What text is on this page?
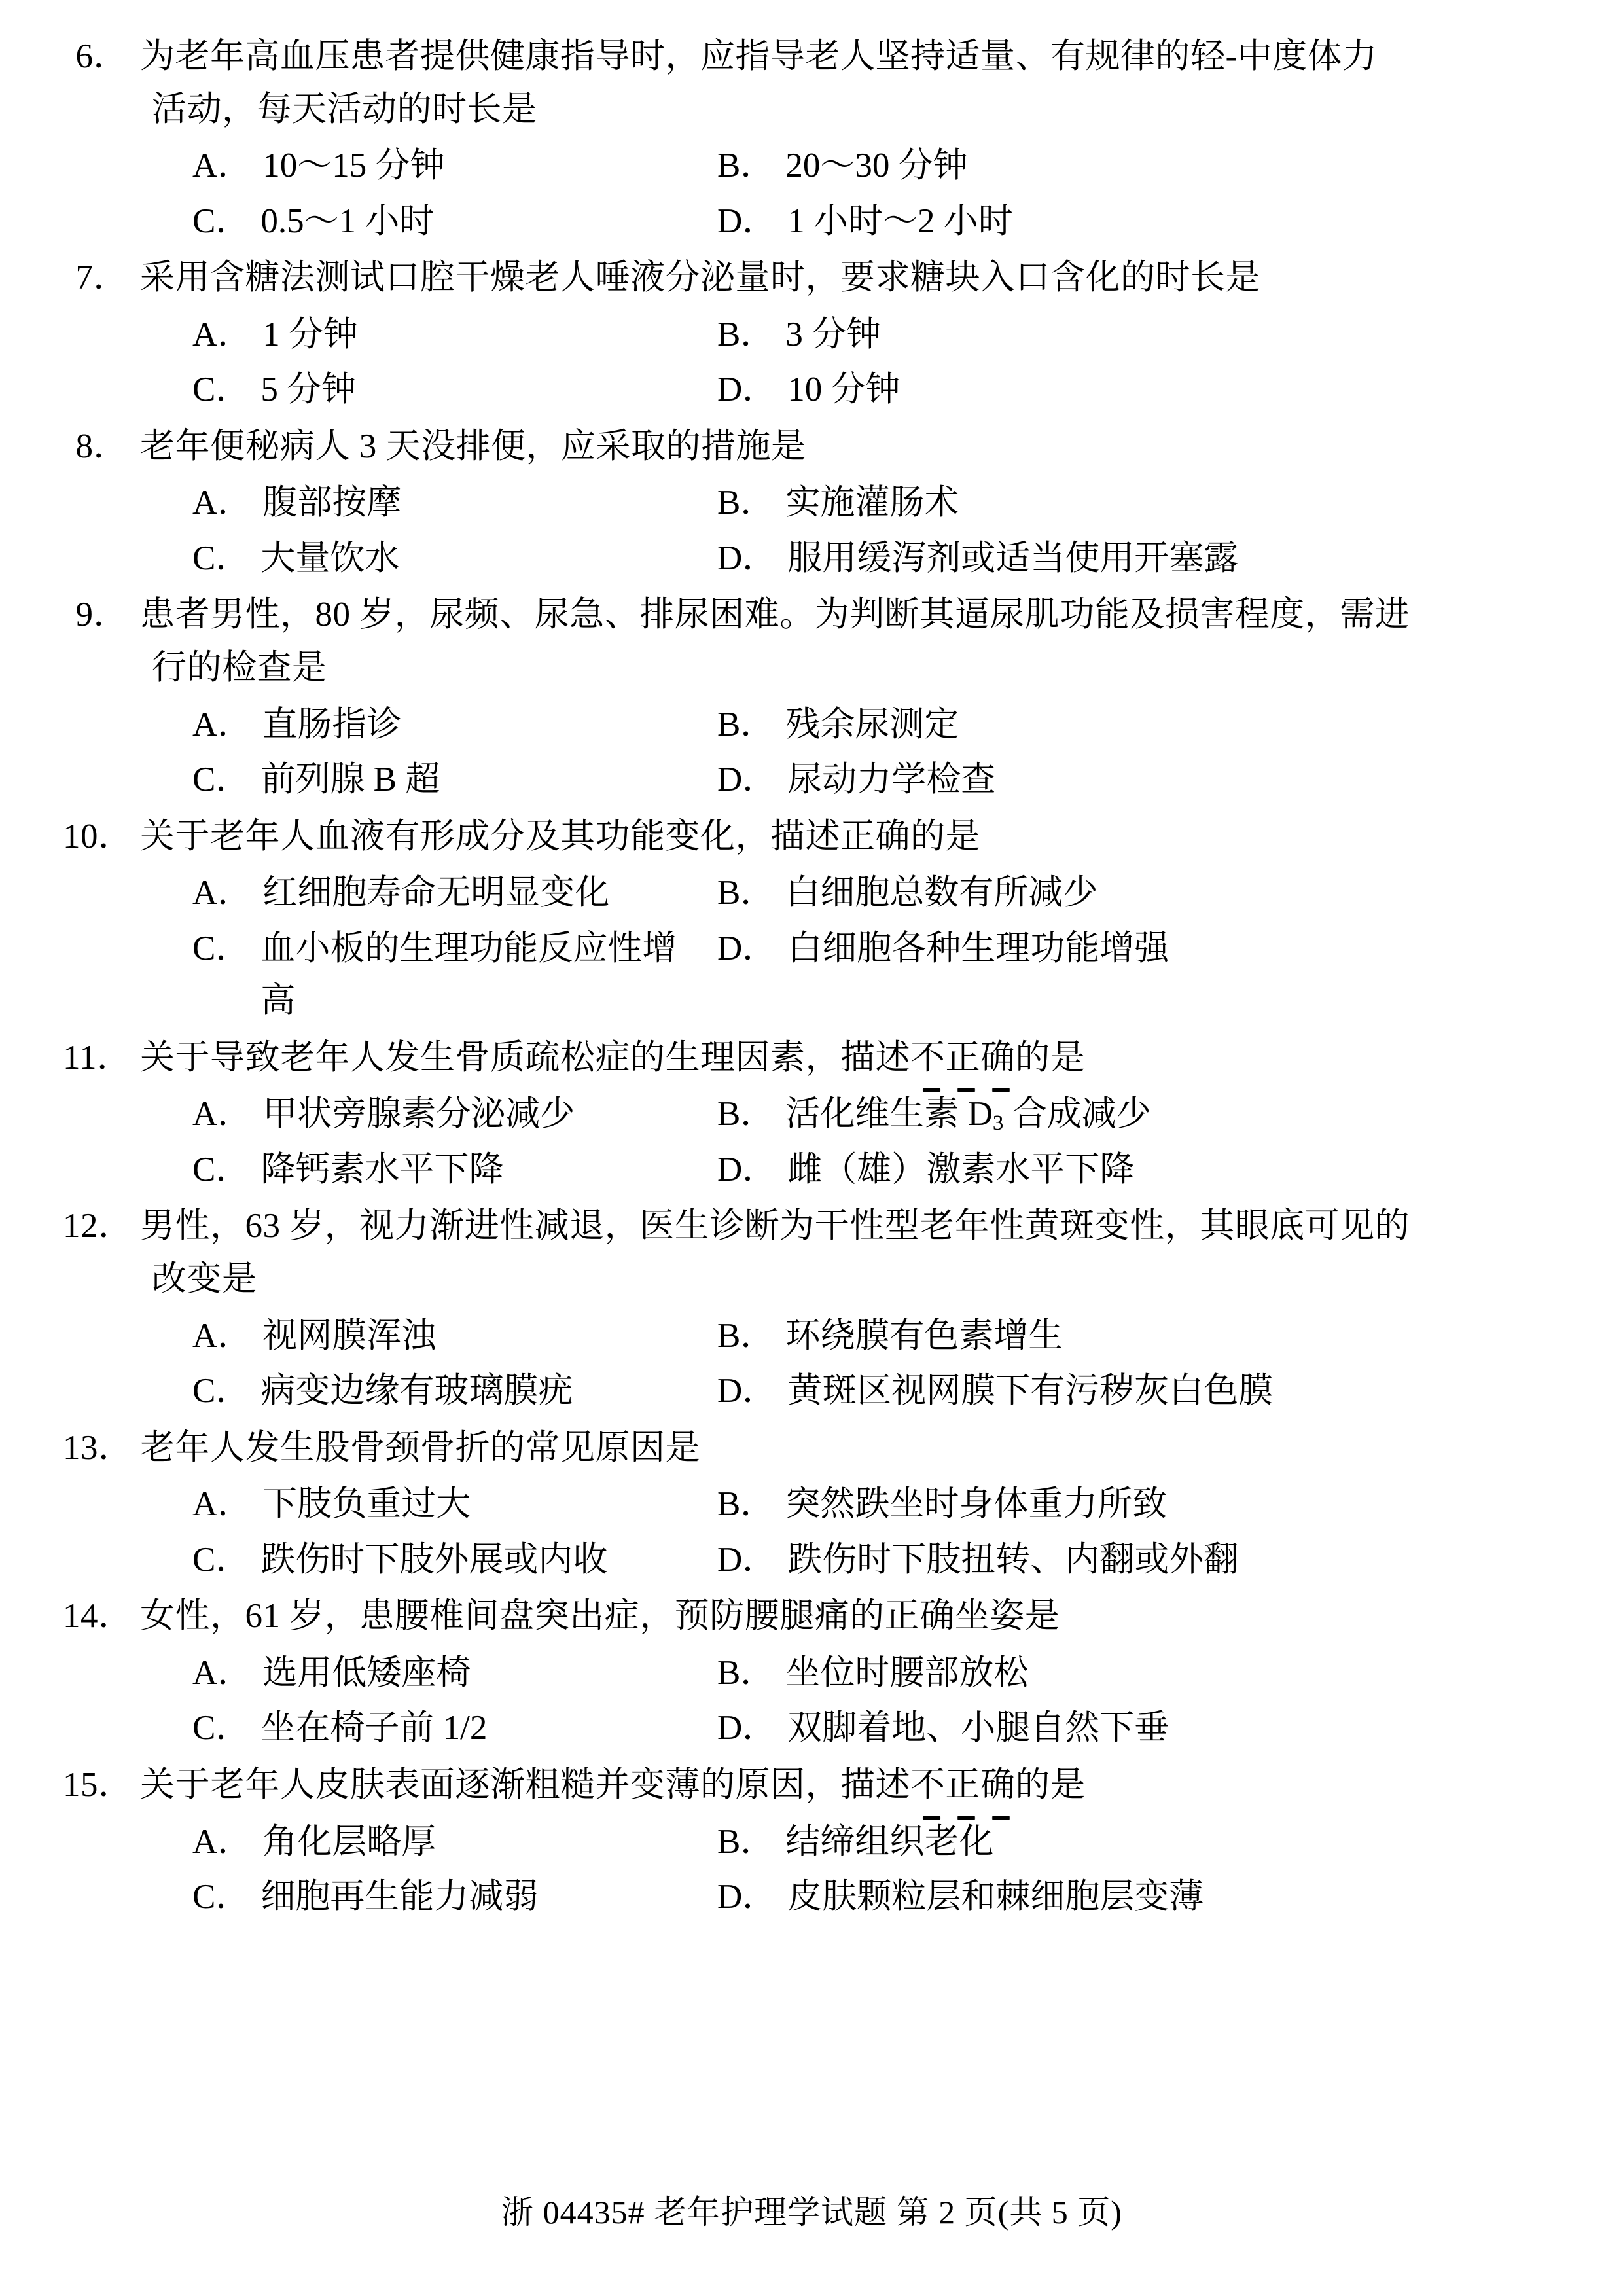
6． 为老年高血压患者提供健康指导时，应指导老人坚持适量、有规律的轻-中度体力
活动，每天活动的时长是
A． 10～15 分钟	B． 20～30 分钟
C． 0.5～1 小时	D． 1 小时～2 小时
7． 采用含糖法测试口腔干燥老人唾液分泌量时，要求糖块入口含化的时长是
A． 1 分钟	B． 3 分钟
C． 5 分钟	D． 10 分钟
8． 老年便秘病人 3 天没排便，应采取的措施是
A． 腹部按摩	B． 实施灌肠术
C． 大量饮水	D． 服用缓泻剂或适当使用开塞露
9． 患者男性，80 岁，尿频、尿急、排尿困难。为判断其逼尿肌功能及损害程度，需进
行的检查是
A． 直肠指诊	B． 残余尿测定
C． 前列腺 B 超	D． 尿动力学检查
10． 关于老年人血液有形成分及其功能变化，描述正确的是
A． 红细胞寿命无明显变化	B． 白细胞总数有所减少
C． 血小板的生理功能反应性增高
D． 白细胞各种生理功能增强
11． 关于导致老年人发生骨质疏松症的生理因素，描述不正确的是
A． 甲状旁腺素分泌减少	B． 活化维生素 $D_3$ 合成减少
C． 降钙素水平下降	D． 雌（雄）激素水平下降
12． 男性，63 岁，视力渐进性减退，医生诊断为干性型老年性黄斑变性，其眼底可见的
改变是
A． 视网膜浑浊	B． 环绕膜有色素增生
C． 病变边缘有玻璃膜疣	D． 黄斑区视网膜下有污秽灰白色膜
13． 老年人发生股骨颈骨折的常见原因是
A． 下肢负重过大	B． 突然跌坐时身体重力所致
C． 跌伤时下肢外展或内收	D． 跌伤时下肢扭转、内翻或外翻
14． 女性，61 岁，患腰椎间盘突出症，预防腰腿痛的正确坐姿是
A． 选用低矮座椅	B． 坐位时腰部放松
C． 坐在椅子前 1/2	D． 双脚着地、小腿自然下垂
15． 关于老年人皮肤表面逐渐粗糙并变薄的原因，描述不正确的是
A． 角化层略厚	B． 结缔组织老化
C． 细胞再生能力减弱	D． 皮肤颗粒层和棘细胞层变薄
浙 04435# 老年护理学试题 第 2 页(共 5 页)
